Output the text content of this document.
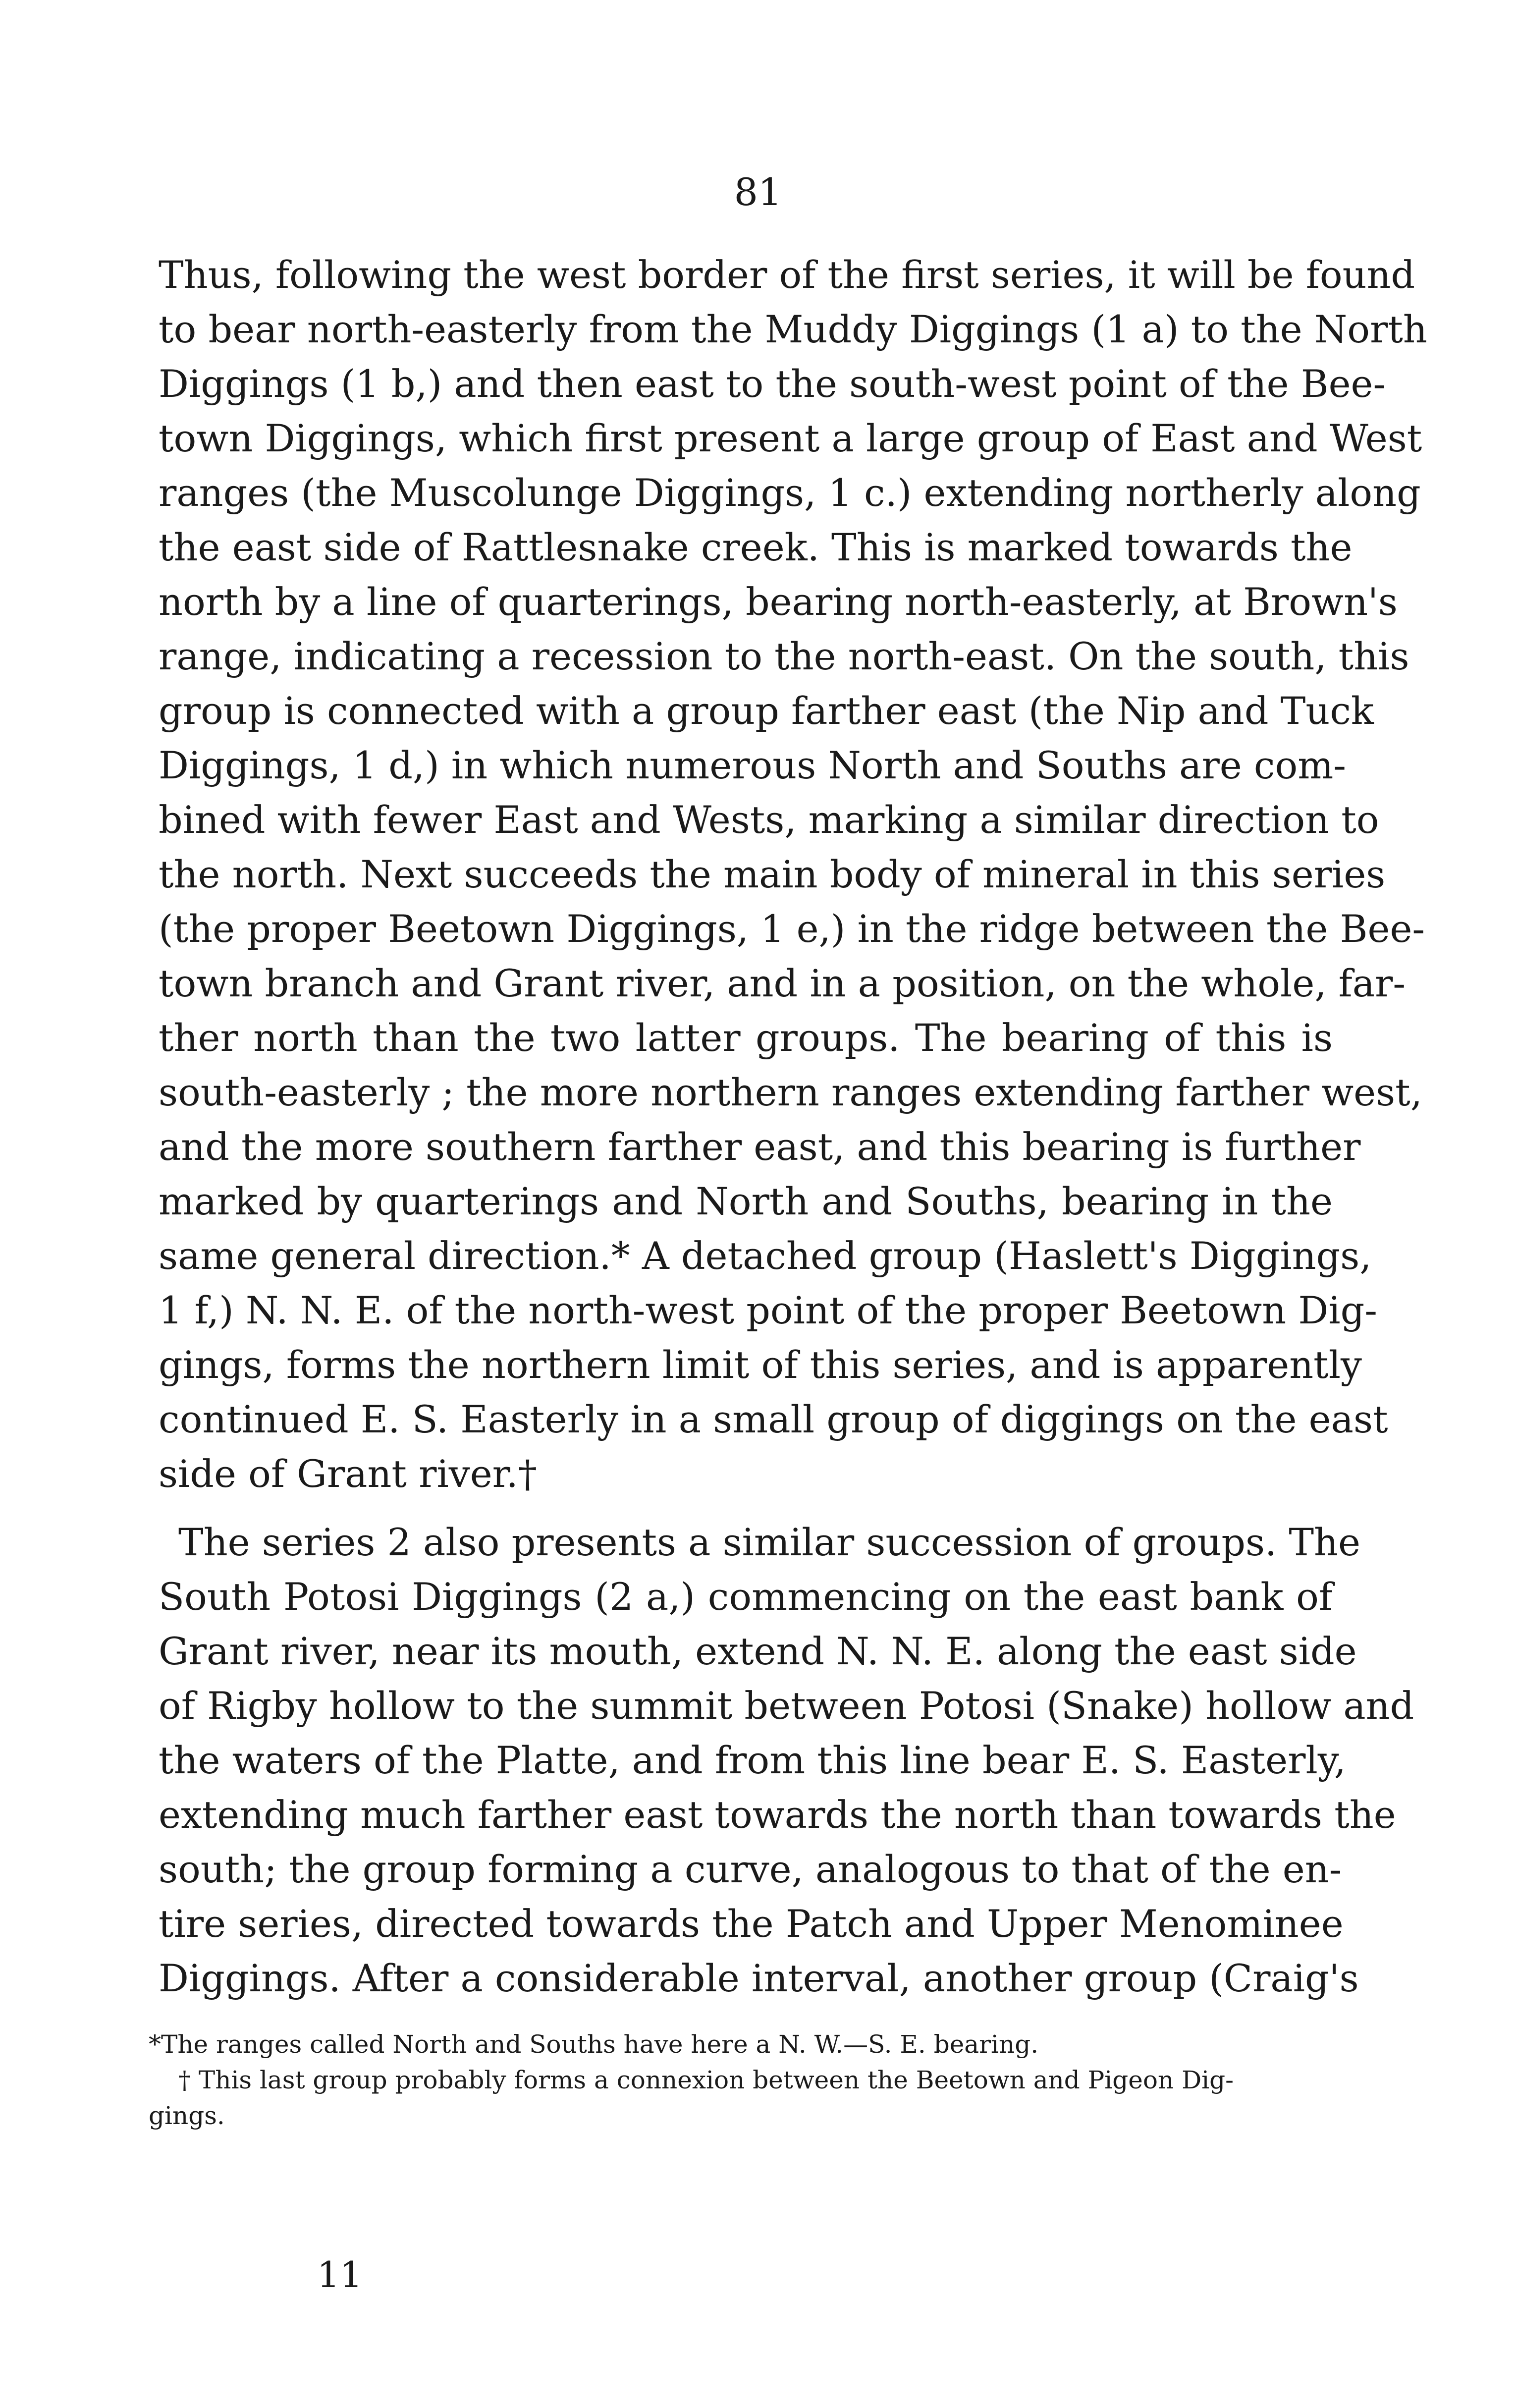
81
Thus, following the west border of the first series, it will be found
to bear north-easterly from the Muddy Diggings (1 a) to the North
Diggings (1 b,) and then east to the south-west point of the Bee-
town Diggings, which first present a large group of East and West
ranges (the Muscolunge Diggings, 1 c.) extending northerly along
the east side of Rattlesnake creek. This is marked towards the
north by a line of quarterings, bearing north-easterly, at Brown's
range, indicating a recession to the north-east. On the south, this
group is connected with a group farther east (the Nip and Tuck
Diggings, 1 d,) in which numerous North and Souths are com-
bined with fewer East and Wests, marking a similar direction to
the north. Next succeeds the main body of mineral in this series
(the proper Beetown Diggings, 1 e,) in the ridge between the Bee-
town branch and Grant river, and in a position, on the whole, far-
ther north than the two latter groups. The bearing of this is
south-easterly ; the more northern ranges extending farther west,
and the more southern farther east, and this bearing is further
marked by quarterings and North and Souths, bearing in the
same general direction.* A detached group (Haslett's Diggings,
1 f,) N. N. E. of the north-west point of the proper Beetown Dig-
gings, forms the northern limit of this series, and is apparently
continued E. S. Easterly in a small group of diggings on the east
side of Grant river.†
The series 2 also presents a similar succession of groups. The
South Potosi Diggings (2 a,) commencing on the east bank of
Grant river, near its mouth, extend N. N. E. along the east side
of Rigby hollow to the summit between Potosi (Snake) hollow and
the waters of the Platte, and from this line bear E. S. Easterly,
extending much farther east towards the north than towards the
south; the group forming a curve, analogous to that of the en-
tire series, directed towards the Patch and Upper Menominee
Diggings. After a considerable interval, another group (Craig's
*The ranges called North and Souths have here a N. W.—S. E. bearing.
† This last group probably forms a connexion between the Beetown and Pigeon Dig-
gings.
11
